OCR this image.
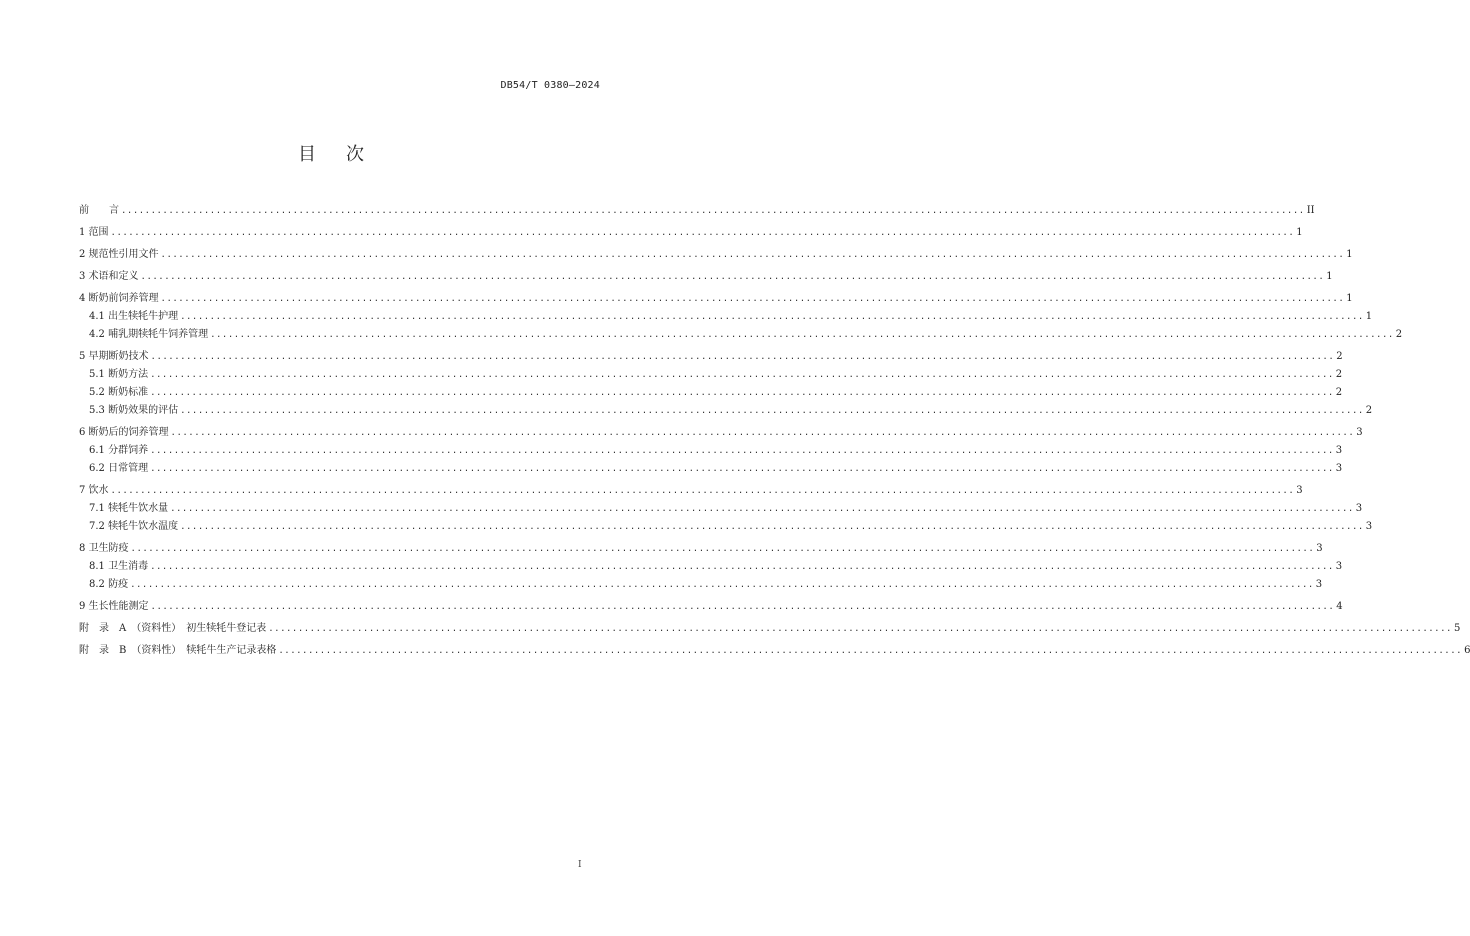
DB54/T 0380—2024
目 次
前　　言 ........................................................................................................................................................................................................ II
1 范围 ........................................................................................................................................................................................................ 1
2 规范性引用文件 ........................................................................................................................................................................................................ 1
3 术语和定义 ........................................................................................................................................................................................................ 1
4 断奶前饲养管理 ........................................................................................................................................................................................................ 1
4.1 出生犊牦牛护理 ........................................................................................................................................................................................................ 1
4.2 哺乳期犊牦牛饲养管理 ........................................................................................................................................................................................................ 2
5 早期断奶技术 ........................................................................................................................................................................................................ 2
5.1 断奶方法 ........................................................................................................................................................................................................ 2
5.2 断奶标准 ........................................................................................................................................................................................................ 2
5.3 断奶效果的评估 ........................................................................................................................................................................................................ 2
6 断奶后的饲养管理 ........................................................................................................................................................................................................ 3
6.1 分群饲养 ........................................................................................................................................................................................................ 3
6.2 日常管理 ........................................................................................................................................................................................................ 3
7 饮水 ........................................................................................................................................................................................................ 3
7.1 犊牦牛饮水量 ........................................................................................................................................................................................................ 3
7.2 犊牦牛饮水温度 ........................................................................................................................................................................................................ 3
8 卫生防疫 ........................................................................................................................................................................................................ 3
8.1 卫生消毒 ........................................................................................................................................................................................................ 3
8.2 防疫 ........................................................................................................................................................................................................ 3
9 生长性能测定 ........................................................................................................................................................................................................ 4
附　录　A　（资料性）　初生犊牦牛登记表 ........................................................................................................................................................................................................ 5
附　录　B　（资料性）　犊牦牛生产记录表格 ........................................................................................................................................................................................................ 6
I
